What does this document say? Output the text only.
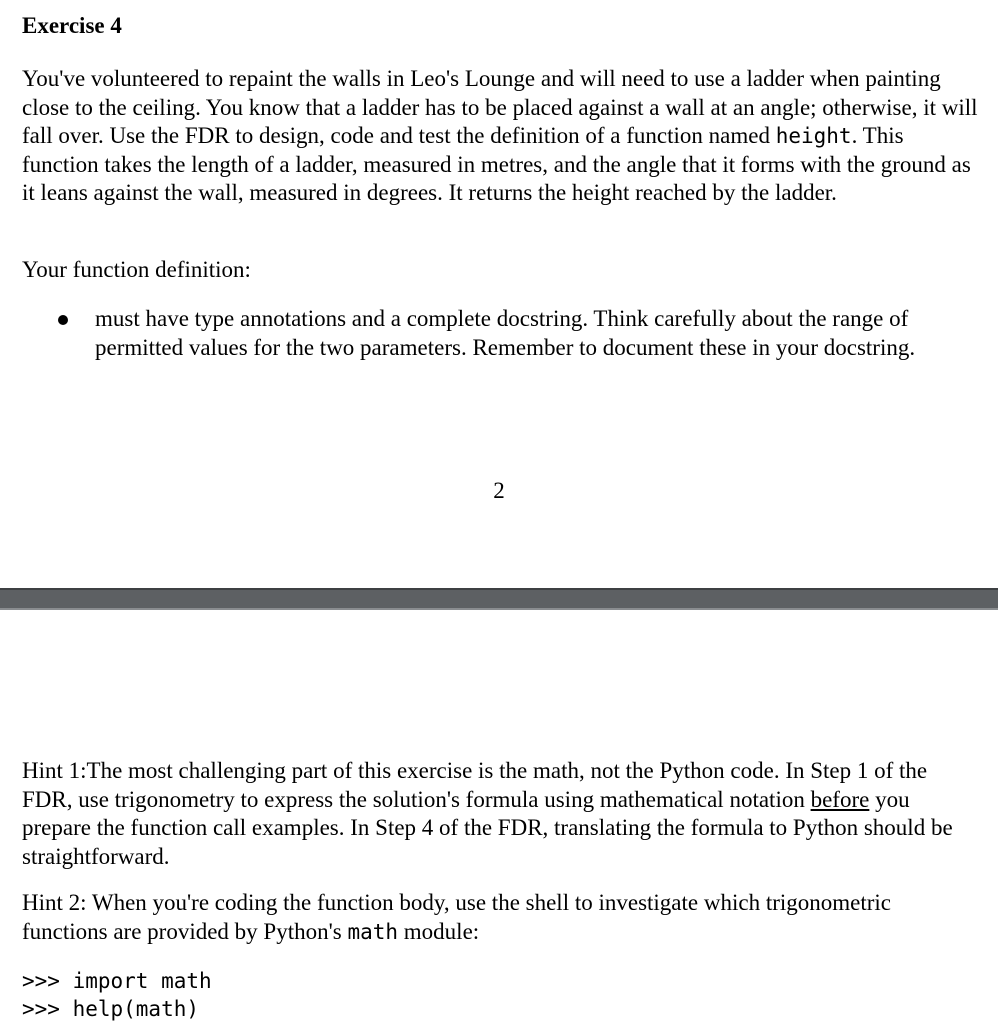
Exercise 4

You've volunteered to repaint the walls in Leo's Lounge and will need to use a ladder when painting close to the ceiling. You know that a ladder has to be placed against a wall at an angle; otherwise, it will fall over. Use the FDR to design, code and test the definition of a function named height. This function takes the length of a ladder, measured in metres, and the angle that it forms with the ground as it leans against the wall, measured in degrees. It returns the height reached by the ladder.

Your function definition:

must have type annotations and a complete docstring. Think carefully about the range of permitted values for the two parameters. Remember to document these in your docstring.
2

Hint 1:The most challenging part of this exercise is the math, not the Python code. In Step 1 of the FDR, use trigonometry to express the solution's formula using mathematical notation before you prepare the function call examples. In Step 4 of the FDR, translating the formula to Python should be straightforward.

Hint 2: When you're coding the function body, use the shell to investigate which trigonometric functions are provided by Python's math module:

>>> import math
>>> help(math)
